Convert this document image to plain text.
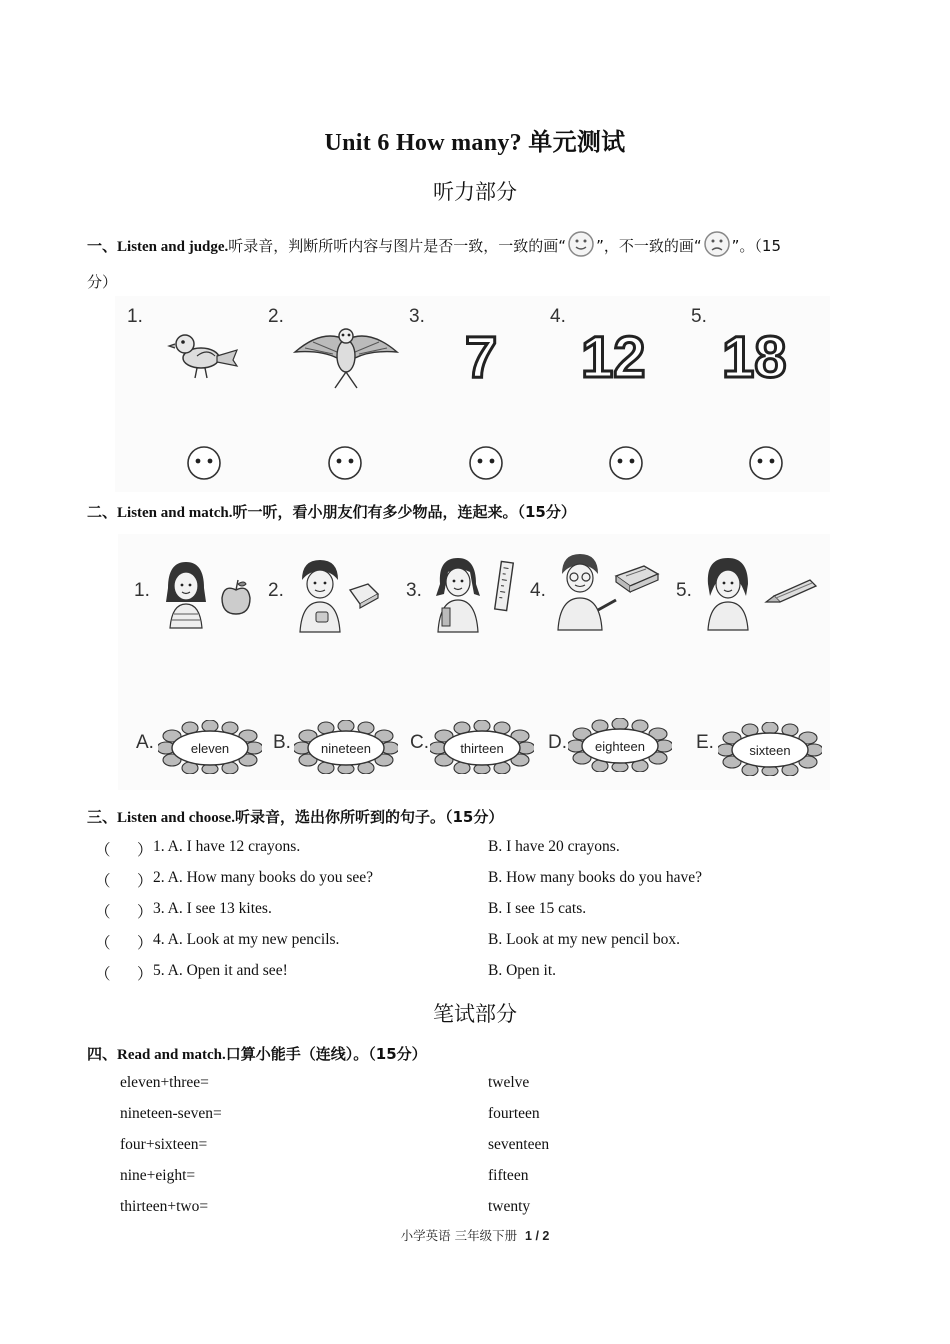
Unit 6 How many? 单元测试
听力部分
一、Listen and judge.听录音，判断所听内容与图片是否一致，一致的画“ ”，不一致的画“ ”。（15
分）
1.	2.	3.	4.	5.
7 12 18
二、Listen and match.听一听，看小朋友们有多少物品，连起来。（15分）
1.	2.	3.	4.	5.
A.	B.	C.	D.	E.
eleven	nineteen	thirteen	eighteen	sixteen
三、Listen and choose.听录音，选出你所听到的句子。（15分）
（ ） 1. A. I have 12 crayons.	B. I have 20 crayons.
（ ） 2. A. How many books do you see?	B. How many books do you have?
（ ） 3. A. I see 13 kites.	B. I see 15 cats.
（ ） 4. A. Look at my new pencils.	B. Look at my new pencil box.
（ ） 5. A. Open it and see!	B. Open it.
笔试部分
四、Read and match.口算小能手（连线）。（15分）
eleven+three=	twelve
nineteen-seven=	fourteen
four+sixteen=	seventeen
nine+eight=	fifteen
thirteen+two=	twenty
小学英语 三年级下册 1 / 2
